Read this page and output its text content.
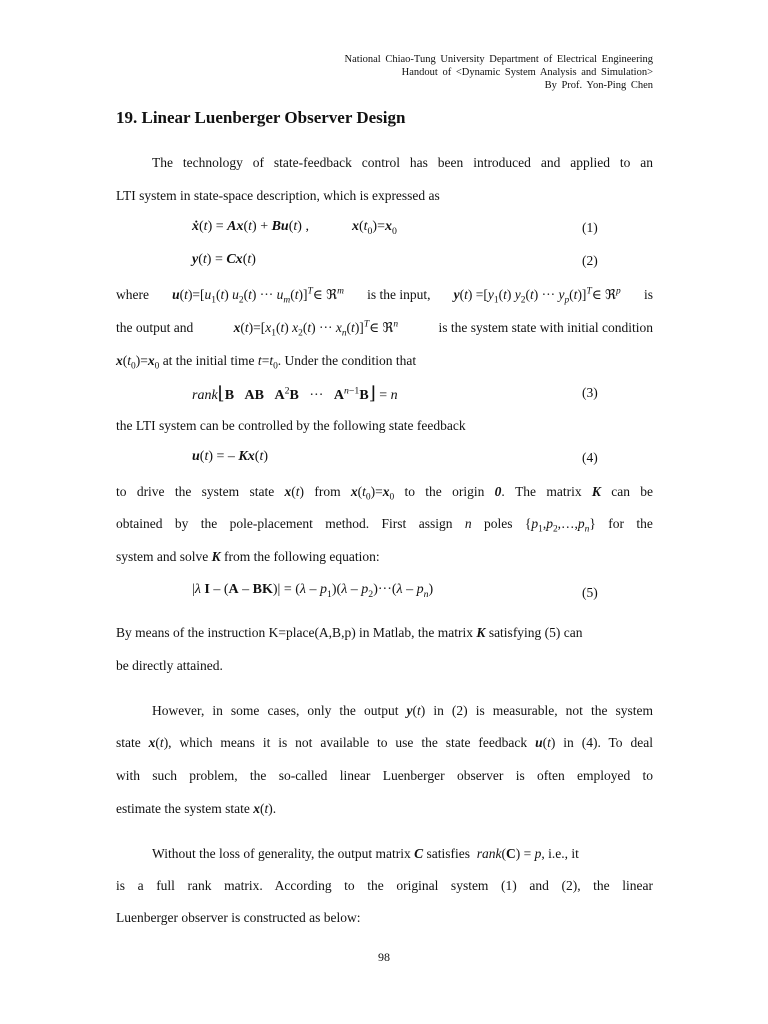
National Chiao-Tung University Department of Electrical Engineering
Handout of <Dynamic System Analysis and Simulation>
By Prof. Yon-Ping Chen
19. Linear Luenberger Observer Design
The technology of state-feedback control has been introduced and applied to an
LTI system in state-space description, which is expressed as
ẋ(t) = Ax(t) + Bu(t) ,	$x(t_0)=x_0$	(1)
y(t) = Cx(t)	(2)
where $u(t)=[u_1(t)$ $u_2(t)$ ··· $u_m(t)]^T\in$ ℜ$^m$ is the input, $y(t) =[y_1(t)$ $y_2(t)$ ··· $y_p(t)]^T\in$ ℜ$^p$ is
the output and	$x(t)=[x_1(t)$ $x_2(t)$ ··· $x_n(t)]^T\in$ ℜ$^n$	is the system state with initial condition
$x(t_0)=x_0$ at the initial time $t=t_0$. Under the condition that
rank⌊B AB $A^2B$   ···   $A^{n-1}B⌋ = n$	(3)
the LTI system can be controlled by the following state feedback
u(t) = – Kx(t)	(4)
to drive the system state x(t) from $x(t_0)=x_0$ to the origin 0. The matrix K can be
obtained by the pole-placement method. First assign n poles $\{p_1,p_2,\dots,p_n\}$ for the
system and solve K from the following equation:
|λ $I - (A - BK)| = (\lambda - p_1)(\lambda - p_2)\cdot\cdot\cdot(\lambda - p_n)$	(5)
By means of the instruction K=place(A,B,p) in Matlab, the matrix K satisfying (5) can
be directly attained.
However, in some cases, only the output y(t) in (2) is measurable, not the system
state x(t), which means it is not available to use the state feedback u(t) in (4). To deal
with such problem, the so-called linear Luenberger observer is often employed to
estimate the system state x(t).
Without the loss of generality, the output matrix C satisfies  rank(C) = p, i.e., it
is a full rank matrix. According to the original system (1) and (2), the linear
Luenberger observer is constructed as below:
98
